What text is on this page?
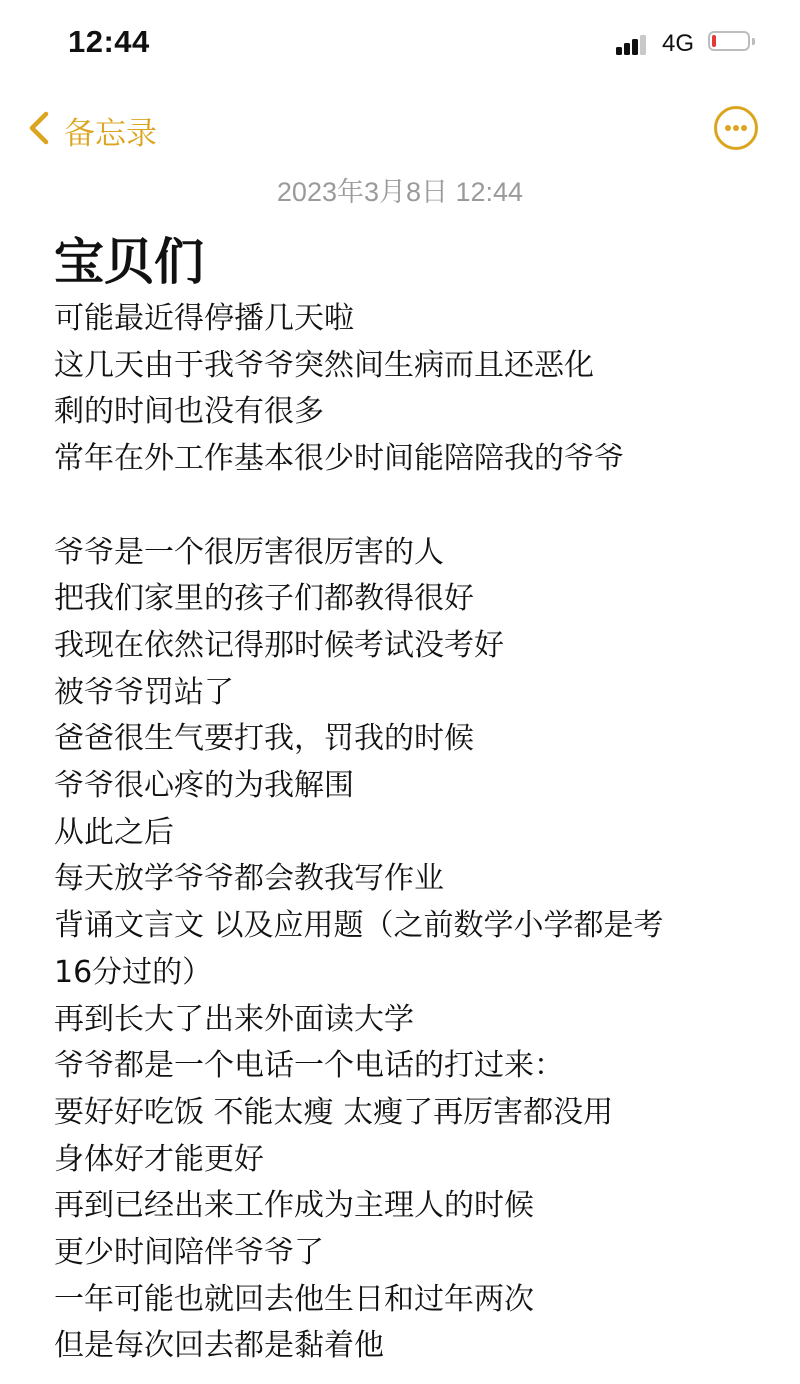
12:44	4G
备忘录
2023年3月8日 12:44
宝贝们
可能最近得停播几天啦
这几天由于我爷爷突然间生病而且还恶化
剩的时间也没有很多
常年在外工作基本很少时间能陪陪我的爷爷
爷爷是一个很厉害很厉害的人
把我们家里的孩子们都教得很好
我现在依然记得那时候考试没考好
被爷爷罚站了
爸爸很生气要打我，罚我的时候
爷爷很心疼的为我解围
从此之后
每天放学爷爷都会教我写作业
背诵文言文 以及应用题（之前数学小学都是考
16分过的）
再到长大了出来外面读大学
爷爷都是一个电话一个电话的打过来：
要好好吃饭 不能太瘦 太瘦了再厉害都没用
身体好才能更好
再到已经出来工作成为主理人的时候
更少时间陪伴爷爷了
一年可能也就回去他生日和过年两次
但是每次回去都是黏着他
